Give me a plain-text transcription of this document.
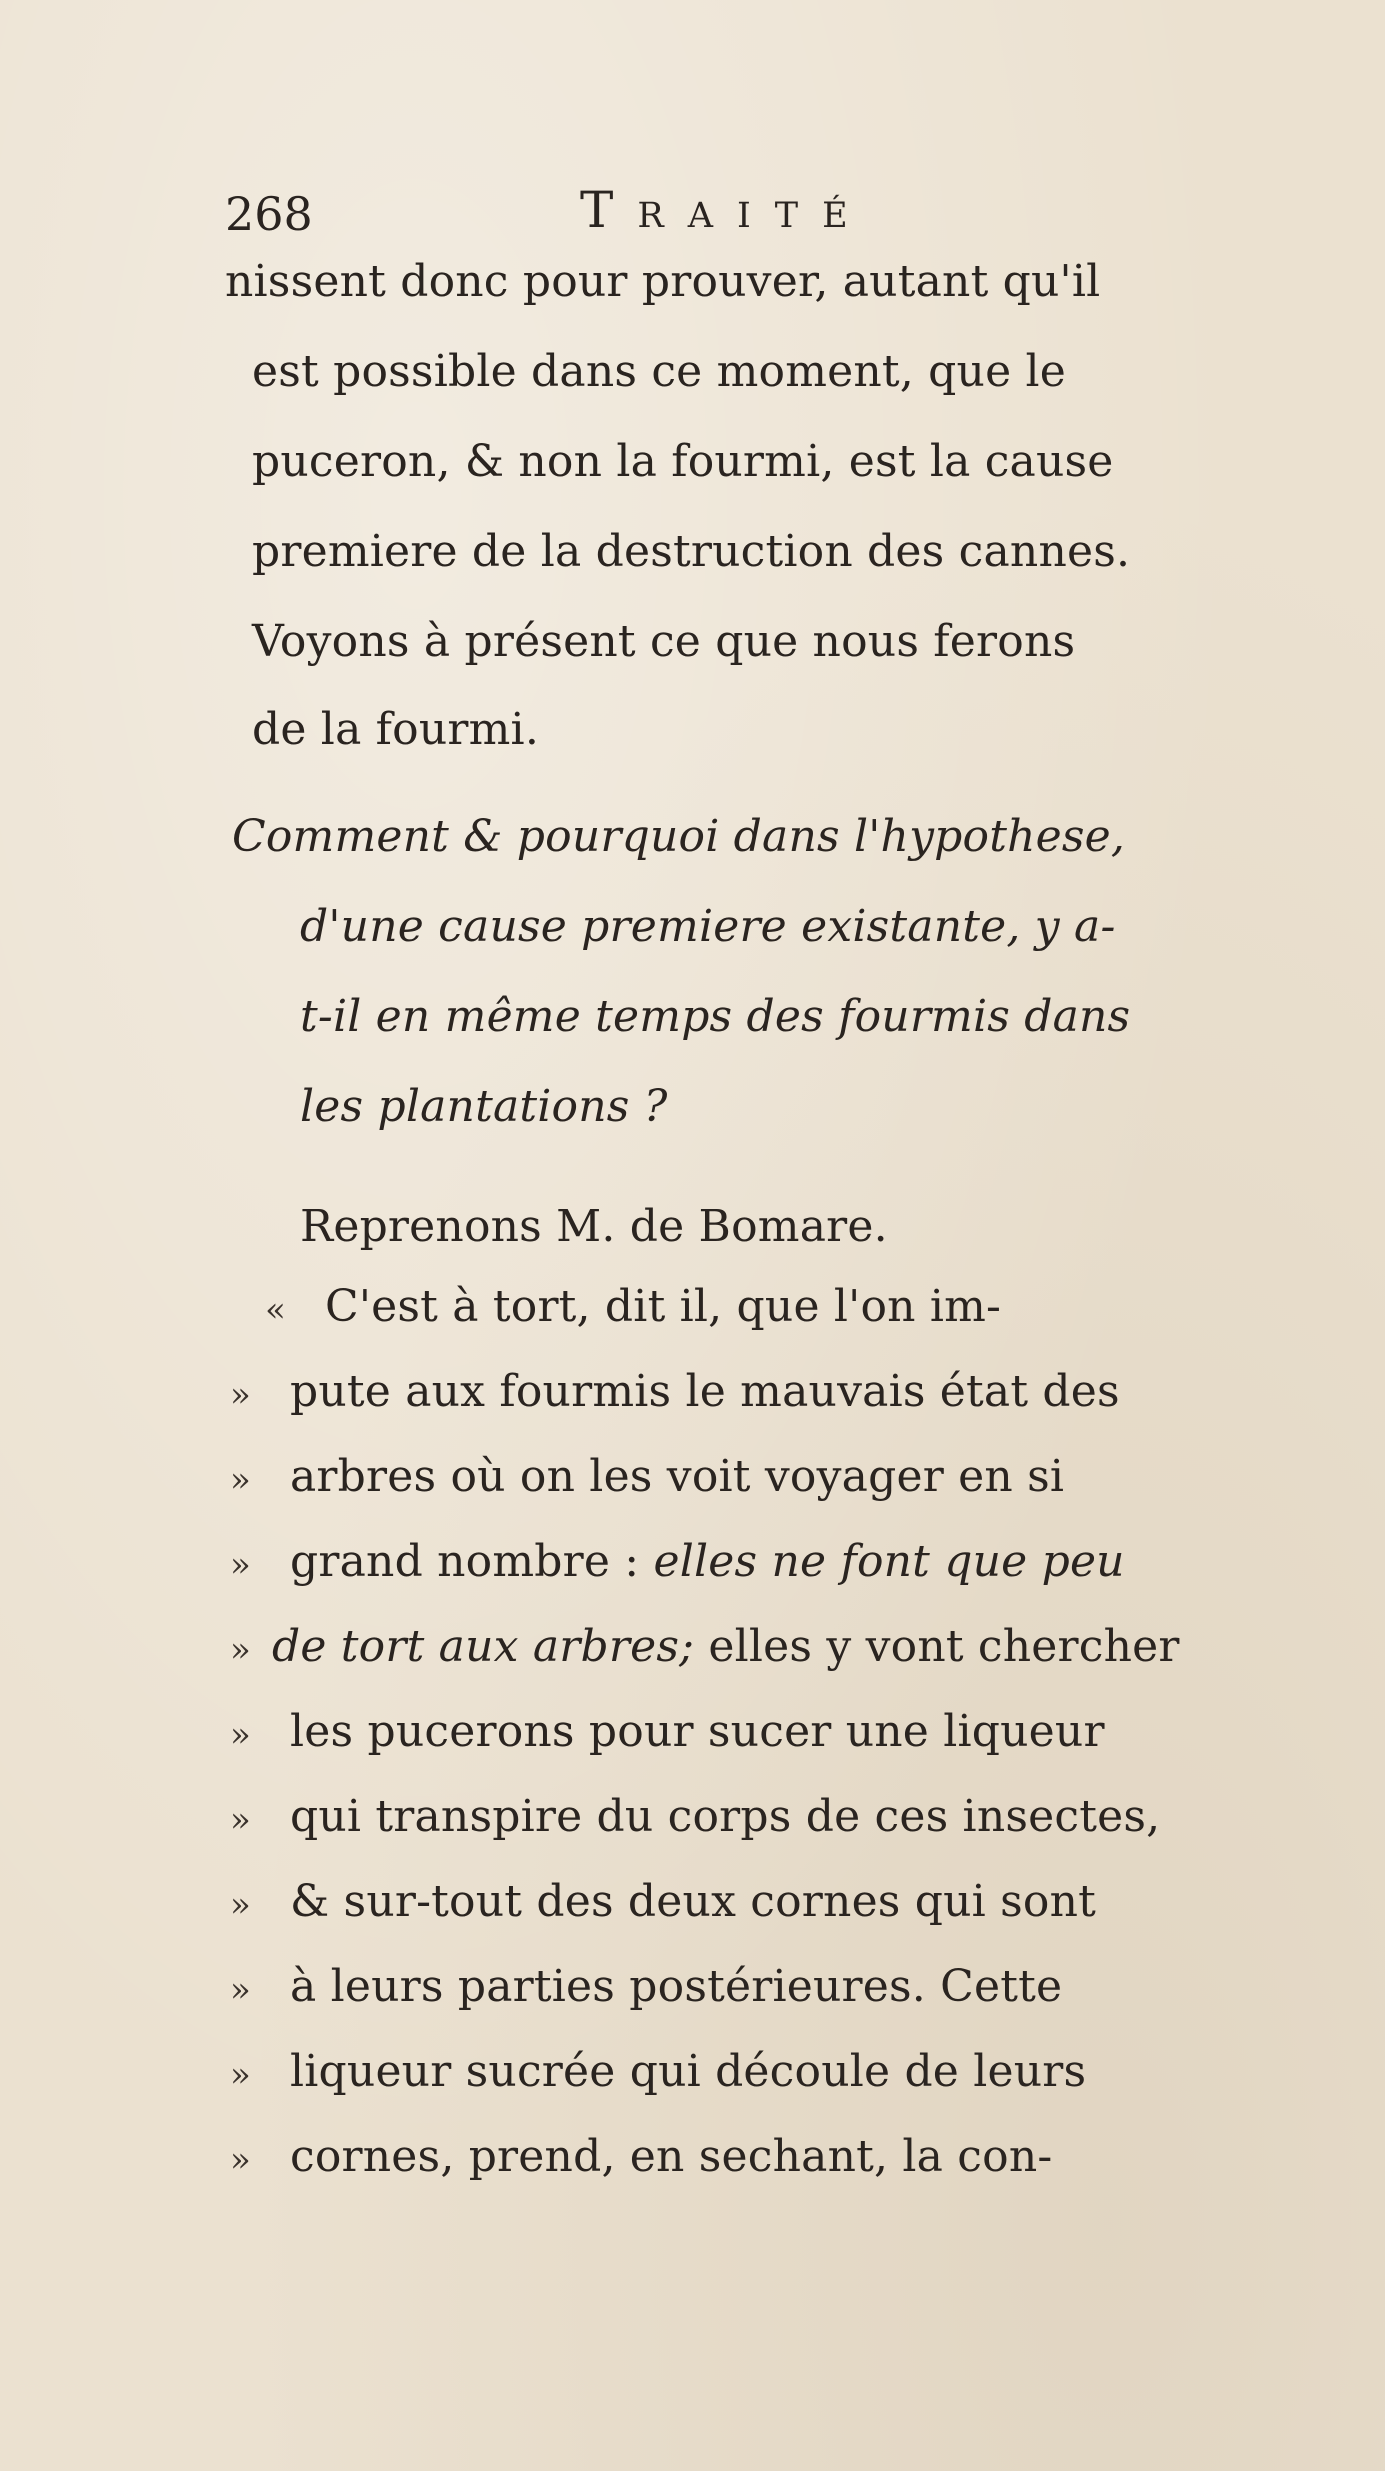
268	Traité
nissent donc pour prouver, autant qu'il
est possible dans ce moment, que le
puceron, & non la fourmi, est la cause
premiere de la destruction des cannes.
Voyons à présent ce que nous ferons
de la fourmi.
Comment & pourquoi dans l'hypothese,
d'une cause premiere existante, y a-
t-il en même temps des fourmis dans
les plantations ?
Reprenons M. de Bomare.
« C'est à tort, dit il, que l'on im-
» pute aux fourmis le mauvais état des
» arbres où on les voit voyager en si
» grand nombre : elles ne font que peu
» de tort aux arbres; elles y vont chercher
» les pucerons pour sucer une liqueur
» qui transpire du corps de ces insectes,
» & sur-tout des deux cornes qui sont
» à leurs parties postérieures. Cette
» liqueur sucrée qui découle de leurs
» cornes, prend, en sechant, la con-
